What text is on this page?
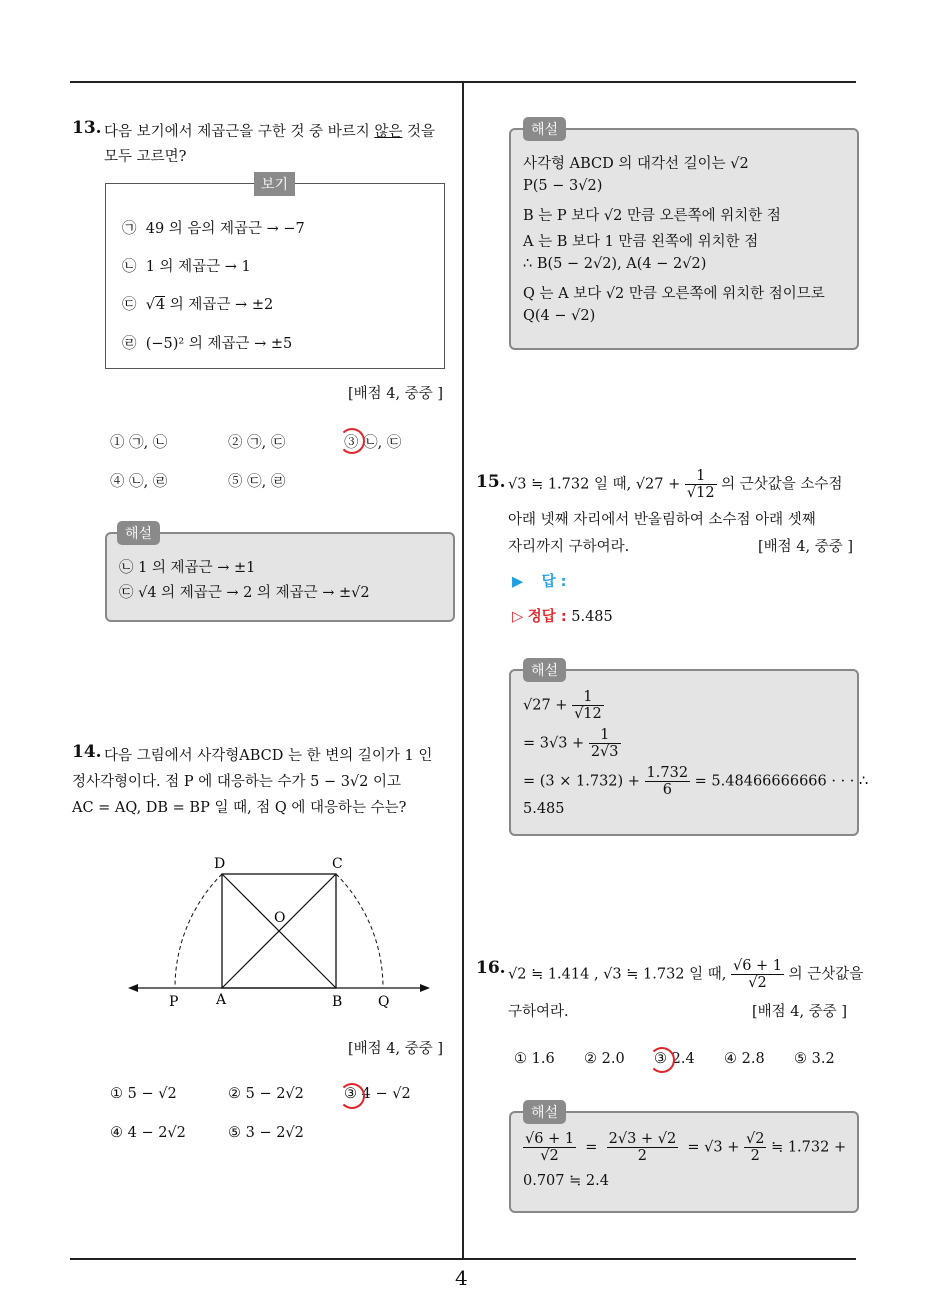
4
13. 다음 보기에서 제곱근을 구한 것 중 바르지 않은 것을
모두 고르면?
보기
㉠ 49 의 음의 제곱근 → −7
㉡ 1 의 제곱근 → 1
㉢  √4 의 제곱근 → ±2
㉣ (−5)² 의 제곱근 → ±5
[배점 4, 중중 ]
① ㉠, ㉡	② ㉠, ㉢	③ ㉡, ㉢
④ ㉡, ㉣	⑤ ㉢, ㉣
해설
㉡ 1 의 제곱근 → ±1
㉢ √4 의 제곱근 → 2 의 제곱근 → ±√2
14. 다음 그림에서 사각형ABCD 는 한 변의 길이가 1 인
정사각형이다. 점 P 에 대응하는 수가 5 − 3√2 이고
AC = AQ, DB = BP 일 때, 점 Q 에 대응하는 수는?
D	C
O
P	A	B	Q
[배점 4, 중중 ]
① 5 − √2	② 5 − 2√2	③ 4 − √2
④ 4 − 2√2	⑤ 3 − 2√2
해설
사각형 ABCD 의 대각선 길이는 √2
P(5 − 3√2)
B 는 P 보다 √2 만큼 오른쪽에 위치한 점
A 는 B 보다 1 만큼 왼쪽에 위치한 점
∴ B(5 − 2√2), A(4 − 2√2)
Q 는 A 보다 √2 만큼 오른쪽에 위치한 점이므로
Q(4 − √2)
15. √3 ≒ 1.732 일 때, $√27 + \frac{1}{√12}$ 의 근삿값을 소수점
아래 넷째 자리에서 반올림하여 소수점 아래 셋째
자리까지 구하여라.	[배점 4, 중중 ]
▶ 답 :
▷ 정답 : 5.485
해설
$√27 + \frac{1}{√12}$
= $3√3 + \frac{1}{2√3}$
= $(3 \times 1.732) + \frac{1.732}{6} = 5.48466666666$ · · · ∴
5.485
16. √2 ≒ 1.414 , √3 ≒ 1.732 일 때, $\frac{√6 + 1}{√2}$ 의 근삿값을
구하여라.	[배점 4, 중중 ]
① 1.6 ② 2.0 ③ 2.4 ④ 2.8 ⑤ 3.2
해설
$\frac{√6 + 1}{√2} = \frac{2√3 + √2}{2} = √3 + \frac{√2}{2}$ ≒ 1.732 +
0.707 ≒ 2.4
